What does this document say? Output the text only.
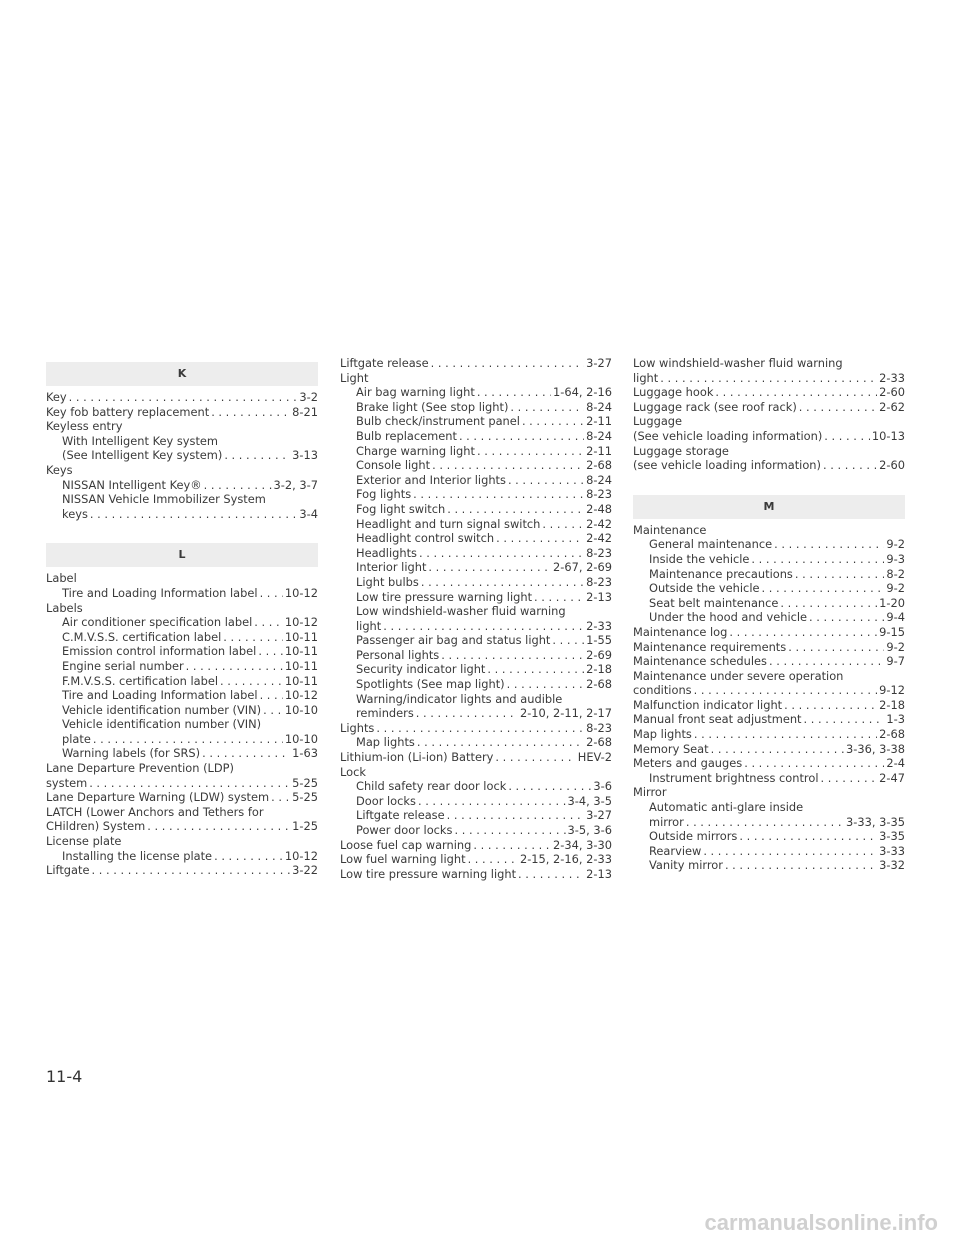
K
Key . . .	3-2
Key fob battery replacement . . .	8-21
Keyless entry
With Intelligent Key system
(See Intelligent Key system) . . .	3-13
Keys
NISSAN Intelligent Key® . . .	3-2, 3-7
NISSAN Vehicle Immobilizer System
keys . . .	3-4
L
Label
Tire and Loading Information label . . . 10-12
Labels
Air conditioner specification label . . .	10-12
C.M.V.S.S. certification label . . .	10-11
Emission control information label . . .	10-11
Engine serial number . . .	10-11
F.M.V.S.S. certification label . . .	10-11
Tire and Loading Information label . . . 10-12
Vehicle identification number (VIN) . . . 10-10
Vehicle identification number (VIN)
plate . . .	10-10
Warning labels (for SRS) . . .	1-63
Lane Departure Prevention (LDP)
system . . .	5-25
Lane Departure Warning (LDW) system . . . 5-25
LATCH (Lower Anchors and Tethers for
CHildren) System . . .	1-25
License plate
Installing the license plate . . .	10-12
Liftgate . . .	3-22
Liftgate release . . .	3-27
Light
Air bag warning light . . .	1-64, 2-16
Brake light (See stop light) . . .	8-24
Bulb check/instrument panel . . .	2-11
Bulb replacement . . .	8-24
Charge warning light . . .	2-11
Console light . . .	2-68
Exterior and Interior lights . . .	8-24
Fog lights . . .	8-23
Fog light switch . . .	2-48
Headlight and turn signal switch . . .	2-42
Headlight control switch . . .	2-42
Headlights . . .	8-23
Interior light . . .	2-67, 2-69
Light bulbs . . .	8-23
Low tire pressure warning light . . .	2-13
Low windshield-washer fluid warning
light . . .	2-33
Passenger air bag and status light . . .	1-55
Personal lights . . .	2-69
Security indicator light . . .	2-18
Spotlights (See map light) . . .	2-68
Warning/indicator lights and audible
reminders . . .	2-10, 2-11, 2-17
Lights . . .	8-23
Map lights . . .	2-68
Lithium-ion (Li-ion) Battery . . .	HEV-2
Lock
Child safety rear door lock . . .	3-6
Door locks . . .	3-4, 3-5
Liftgate release . . .	3-27
Power door locks . . .	3-5, 3-6
Loose fuel cap warning . . .	2-34, 3-30
Low fuel warning light . . .	2-15, 2-16, 2-33
Low tire pressure warning light . . .	2-13
Low windshield-washer fluid warning
light . . .	2-33
Luggage hook . . .	2-60
Luggage rack (see roof rack) . . .	2-62
Luggage
(See vehicle loading information) . . .	10-13
Luggage storage
(see vehicle loading information) . . .	2-60
M
Maintenance
General maintenance . . .	9-2
Inside the vehicle . . .	9-3
Maintenance precautions . . .	8-2
Outside the vehicle . . .	9-2
Seat belt maintenance . . .	1-20
Under the hood and vehicle . . .	9-4
Maintenance log . . .	9-15
Maintenance requirements . . .	9-2
Maintenance schedules . . .	9-7
Maintenance under severe operation
conditions . . .	9-12
Malfunction indicator light . . .	2-18
Manual front seat adjustment . . .	1-3
Map lights . . .	2-68
Memory Seat . . .	3-36, 3-38
Meters and gauges . . .	2-4
Instrument brightness control . . .	2-47
Mirror
Automatic anti-glare inside
mirror . . .	3-33, 3-35
Outside mirrors . . .	3-35
Rearview . . .	3-33
Vanity mirror . . .	3-32
11-4
carmanualsonline.info
